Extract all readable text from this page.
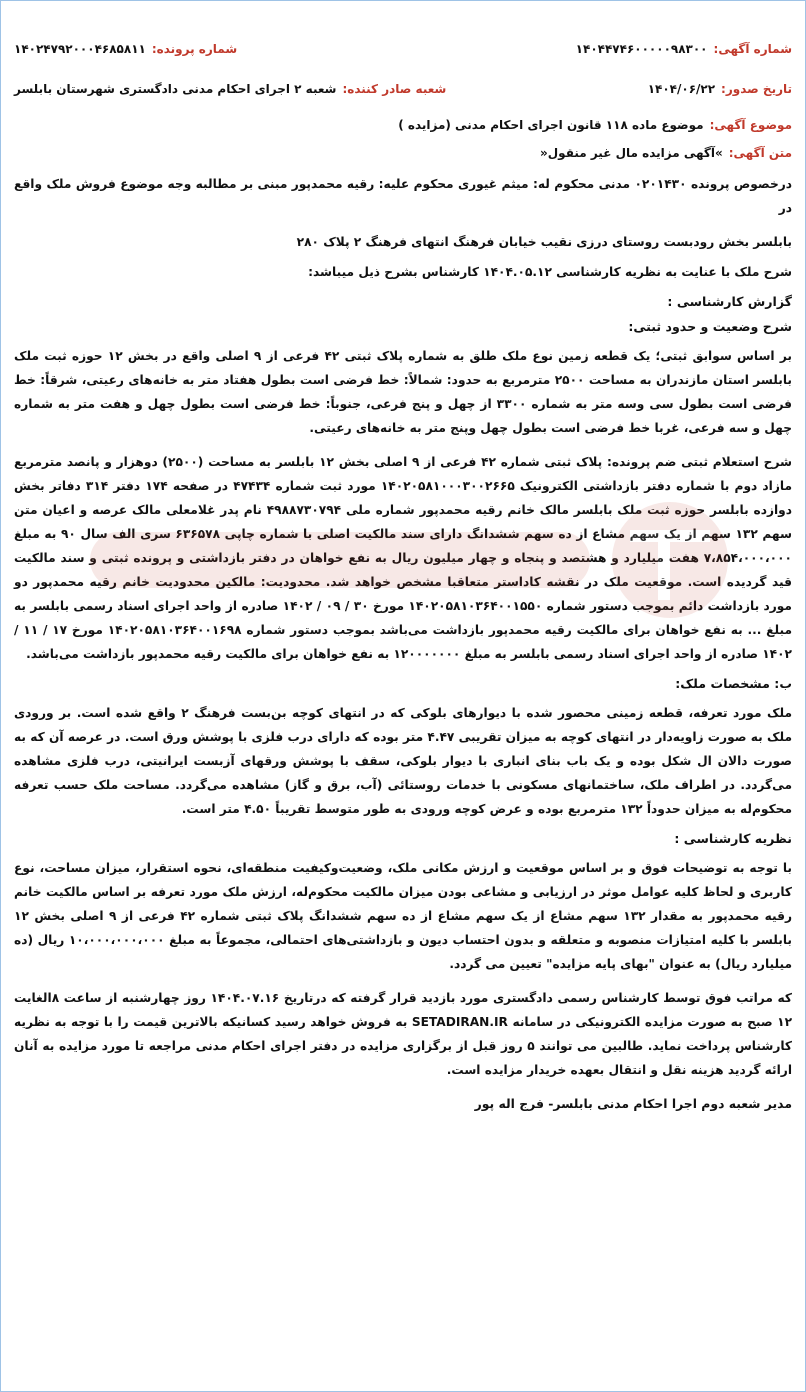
شماره آگهی:
۱۴۰۴۴۷۴۶۰۰۰۰۰۹۸۳۰۰
شماره پرونده:
۱۴۰۲۴۷۹۲۰۰۰۴۶۸۵۸۱۱
تاریخ صدور:
۱۴۰۴/۰۶/۲۲
شعبه صادر کننده:
شعبه ۲ اجرای احکام مدنی دادگستری شهرستان بابلسر
موضوع آگهی:
موضوع ماده ۱۱۸ قانون اجرای احکام مدنی (مزایده )
متن آگهی:
»آگهی مزایده مال غیر منقول«
درخصوص پرونده ۰۲۰۱۴۳۰ مدنی محکوم له: میثم غیوری محکوم علیه: رقیه محمدپور مبنی بر مطالبه وجه موضوع فروش ملک واقع در
بابلسر بخش رودبست روستای درزی نقیب خیابان فرهنگ انتهای فرهنگ ۲ پلاک ۲۸۰
شرح ملک با عنایت به نظریه کارشناسی ۱۴۰۴.۰۵.۱۲ کارشناس بشرح ذیل میباشد:
گزارش کارشناسی :
شرح وضعیت و حدود ثبتی:
بر اساس سوابق ثبتی؛ یک قطعه زمین نوع ملک طلق به شماره پلاک ثبتی ۴۲ فرعی از ۹ اصلی واقع در بخش ۱۲ حوزه ثبت ملک بابلسر استان مازندران به مساحت ۲۵۰۰ مترمربع به حدود: شمالاً: خط فرضی است بطول هفتاد متر به خانه‌های رعیتی، شرقاً: خط فرضی است بطول سی وسه متر به شماره ۳۳۰۰ از چهل و پنج فرعی، جنوباً: خط فرضی است بطول چهل و هفت متر به شماره چهل و سه فرعی، غربا خط فرضی است بطول چهل وپنج متر به خانه‌های رعیتی.
شرح استعلام ثبتی ضم پرونده: پلاک ثبتی شماره ۴۲ فرعی از ۹ اصلی بخش ۱۲ بابلسر به مساحت (۲۵۰۰) دوهزار و پانصد مترمربع مازاد دوم با شماره دفتر بازداشتی الکترونیک ۱۴۰۲۰۵۸۱۰۰۰۳۰۰۲۶۶۵ مورد ثبت شماره ۴۷۴۳۴ در صفحه ۱۷۴ دفتر ۳۱۴ دفاتر بخش دوازده بابلسر حوزه ثبت ملک بابلسر مالک خانم رقیه محمدپور شماره ملی ۴۹۸۸۷۳۰۷۹۴ نام پدر غلامعلی مالک عرصه و اعیان متن سهم ۱۳۲ سهم از یک سهم مشاع از ده سهم ششدانگ دارای سند مالکیت اصلی با شماره چاپی ۶۳۶۵۷۸ سری الف سال ۹۰ به مبلغ ۷،۸۵۴،۰۰۰،۰۰۰ هفت میلیارد و هشتصد و پنجاه و چهار میلیون ریال به نفع خواهان در دفتر بازداشتی و پرونده ثبتی و سند مالکیت قید گردیده است. موقعیت ملک در نقشه کاداستر متعاقبا مشخص خواهد شد. محدودیت: مالکین محدودیت خانم رقیه محمدپور دو مورد بازداشت دائم بموجب دستور شماره ۱۴۰۲۰۵۸۱۰۳۶۴۰۰۱۵۵۰ مورخ ۳۰ / ۰۹ / ۱۴۰۲ صادره از واحد اجرای اسناد رسمی بابلسر به مبلغ ... به نفع خواهان برای مالکیت رقیه محمدپور بازداشت می‌باشد بموجب دستور شماره ۱۴۰۲۰۵۸۱۰۳۶۴۰۰۱۶۹۸ مورخ ۱۷ / ۱۱ / ۱۴۰۲ صادره از واحد اجرای اسناد رسمی بابلسر به مبلغ ۱۲۰۰۰۰۰۰۰ به نفع خواهان برای مالکیت رقیه محمدپور بازداشت می‌باشد.
ب: مشخصات ملک:
ملک مورد تعرفه، قطعه زمینی محصور شده با دیوارهای بلوکی که در انتهای کوچه بن‌بست فرهنگ ۲ واقع شده است. بر ورودی ملک به صورت زاویه‌دار در انتهای کوچه به میزان تقریبی ۴.۴۷ متر بوده که دارای درب فلزی با پوشش ورق است. در عرصه آن که به صورت دالان ال شکل بوده و یک باب بنای انباری با دیوار بلوکی، سقف با پوشش ورقهای آزبست ایرانیتی، درب فلزی مشاهده می‌گردد. در اطراف ملک، ساختمانهای مسکونی با خدمات روستائی (آب، برق و گاز) مشاهده می‌گردد. مساحت ملک حسب تعرفه محکوم‌له به میزان حدوداً ۱۳۲ مترمربع بوده و عرض کوچه ورودی به طور متوسط تقریباً ۴.۵۰ متر است.
نظریه کارشناسی :
با توجه به توضیحات فوق و بر اساس موقعیت و ارزش مکانی ملک، وضعیت‌وکیفیت منطقه‌ای، نحوه استقرار، میزان مساحت، نوع کاربری و لحاظ کلیه عوامل موثر در ارزیابی و مشاعی بودن میزان مالکیت محکوم‌له، ارزش ملک مورد تعرفه بر اساس مالکیت خانم رقیه محمدپور به مقدار ۱۳۲ سهم مشاع از یک سهم مشاع از ده سهم ششدانگ پلاک ثبتی شماره ۴۲ فرعی از ۹ اصلی بخش ۱۲ بابلسر با کلیه امتیازات منصوبه و متعلقه و بدون احتساب دیون و بازداشتی‌های احتمالی، مجموعاً به مبلغ ۱۰،۰۰۰،۰۰۰،۰۰۰ ریال (ده میلیارد ریال) به عنوان "بهای پایه مزایده" تعیین می گردد.
که مراتب فوق توسط کارشناس رسمی دادگستری مورد بازدید قرار گرفته که درتاریخ ۱۴۰۴.۰۷.۱۶ روز چهارشنبه از ساعت ۸الغایت ۱۲ صبح به صورت مزایده الکترونیکی در سامانه SETADIRAN.IR به فروش خواهد رسید کسانیکه بالاترین قیمت را با توجه به نظریه کارشناس پرداخت نماید. طالبین می توانند ۵ روز قبل از برگزاری مزایده در دفتر اجرای احکام مدنی مراجعه تا مورد مزایده به آنان ارائه گردید هزینه نقل و انتقال بعهده خریدار مزایده است.
مدیر شعبه دوم اجرا احکام مدنی بابلسر- فرج اله پور
